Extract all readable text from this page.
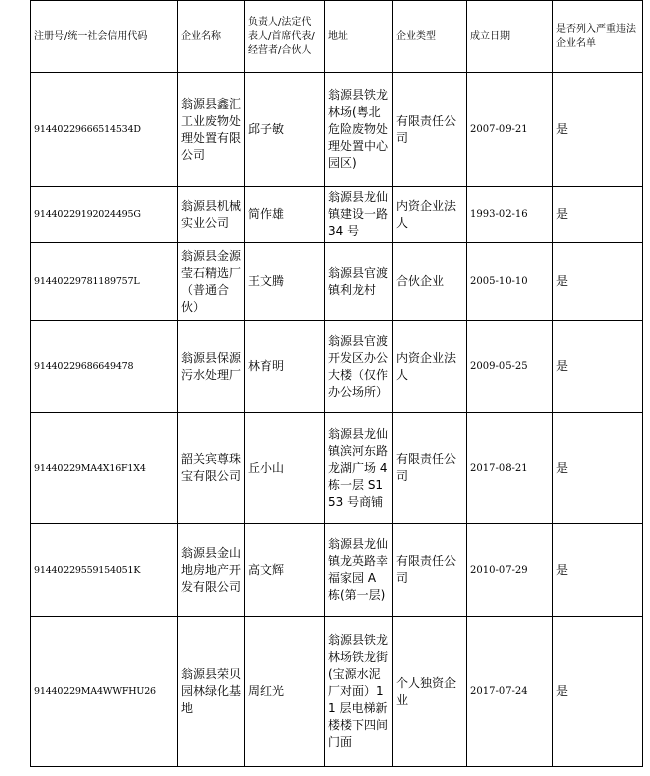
注册号/统一社会信用代码	企业名称	负责人/法定代表人/首席代表/经营者/合伙人	地址	企业类型	成立日期	是否列入严重违法企业名单
91440229666514534D	翁源县鑫汇工业废物处理处置有限公司	邱子敏	翁源县铁龙林场(粤北危险废物处理处置中心园区)	有限责任公司	2007-09-21	是
91440229192024495G	翁源县机械实业公司	简作雄	翁源县龙仙镇建设一路 34 号	内资企业法人	1993-02-16	是
91440229781189757L	翁源县金源莹石精选厂（普通合伙）	王文腾	翁源县官渡镇利龙村	合伙企业	2005-10-10	是
91440229686649478	翁源县保源污水处理厂	林育明	翁源县官渡开发区办公大楼（仅作办公场所）	内资企业法人	2009-05-25	是
91440229MA4X16F1X4	韶关宾尊珠宝有限公司	丘小山	翁源县龙仙镇滨河东路龙湖广场 4 栋一层 S153 号商铺	有限责任公司	2017-08-21	是
91440229559154051K	翁源县金山地房地产开发有限公司	高文辉	翁源县龙仙镇龙英路幸福家园 A 栋(第一层)	有限责任公司	2010-07-29	是
91440229MA4WWFHU26	翁源县荣贝园林绿化基地	周红光	翁源县铁龙林场铁龙街(宝源水泥厂对面）11 层电梯新楼楼下四间门面	个人独资企业	2017-07-24	是
